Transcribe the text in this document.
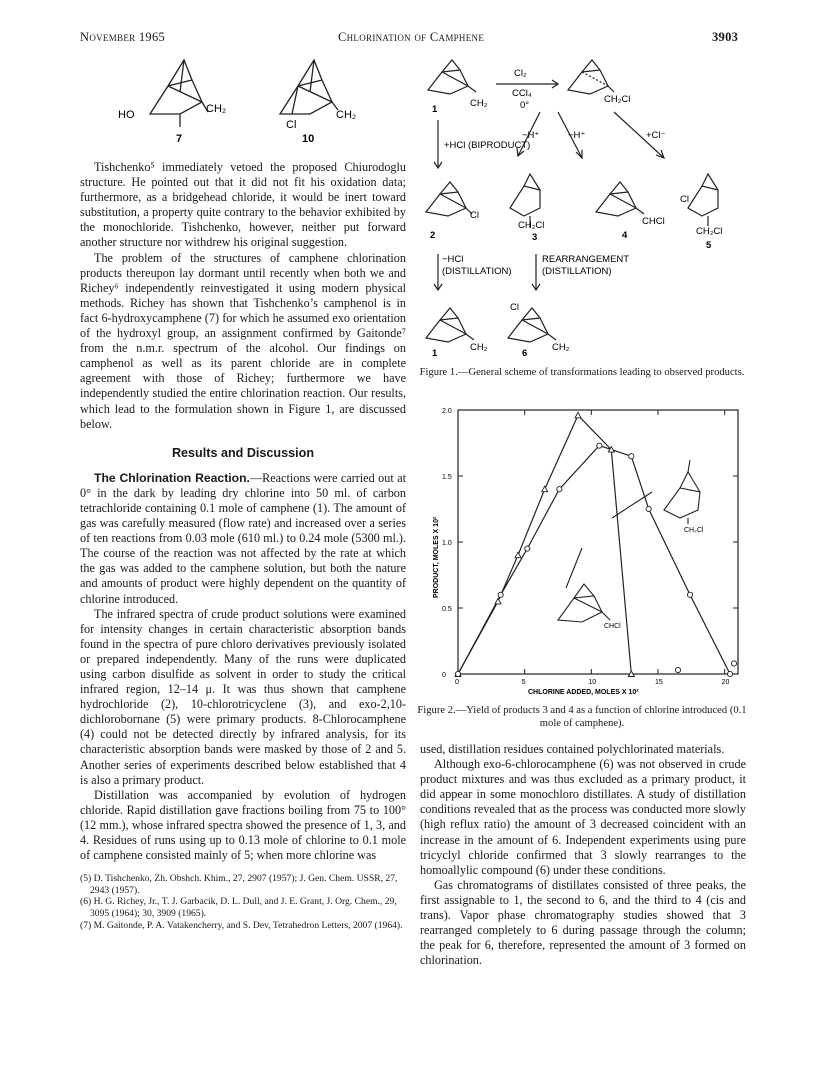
November 1965	Chlorination of Camphene	3903
HO	CH₂
7
Cl
CH₂
10

Tishchenko⁵ immediately vetoed the proposed Chiurodoglu structure. He pointed out that it did not fit his oxidation data; furthermore, as a bridgehead chloride, it would be inert toward substitution, a property quite contrary to the behavior exhibited by the monochloride. Tishchenko, however, neither put forward another structure nor withdrew his original suggestion.

The problem of the structures of camphene chlorination products thereupon lay dormant until recently when both we and Richey⁶ independently reinvestigated it using modern physical methods. Richey has shown that Tishchenko’s camphenol is in fact 6-hydroxycamphene (7) for which he assumed exo orientation of the hydroxyl group, an assignment confirmed by Gaitonde⁷ from the n.m.r. spectrum of the alcohol. Our findings on camphenol as well as its parent chloride are in complete agreement with those of Richey; furthermore we have independently studied the entire chlorination reaction. Our results, which lead to the formulation shown in Figure 1, are discussed below.

Results and Discussion

The Chlorination Reaction.—Reactions were carried out at 0° in the dark by leading dry chlorine into 50 ml. of carbon tetrachloride containing 0.1 mole of camphene (1). The amount of gas was carefully measured (flow rate) and increased over a series of ten reactions from 0.03 mole (610 ml.) to 0.24 mole (5300 ml.). The course of the reaction was not affected by the rate at which the gas was added to the camphene solution, but both the nature and amounts of product were highly dependent on the quantity of chlorine introduced.

The infrared spectra of crude product solutions were examined for intensity changes in certain characteristic absorption bands found in the spectra of pure chloro derivatives previously isolated or prepared independently. Many of the runs were duplicated using carbon disulfide as solvent in order to study the critical infrared region, 12–14 μ. It was thus shown that camphene hydrochloride (2), 10-chlorotricyclene (3), and exo-2,10-dichlorobornane (5) were primary products. 8-Chlorocamphene (4) could not be detected directly by infrared analysis, for its characteristic absorption bands were masked by those of 2 and 5. Another series of experiments described below established that 4 is also a primary product.

Distillation was accompanied by evolution of hydrogen chloride. Rapid distillation gave fractions boiling from 75 to 100° (12 mm.), whose infrared spectra showed the presence of 1, 3, and 4. Residues of runs using up to 0.13 mole of chlorine to 0.1 mole of camphene consisted mainly of 5; when more chlorine was

(5) D. Tishchenko, Zh. Obshch. Khim., 27, 2907 (1957); J. Gen. Chem. USSR, 27, 2943 (1957).
(6) H. G. Richey, Jr., T. J. Garbacik, D. L. Dull, and J. E. Grant, J. Org. Chem., 29, 3095 (1964); 30, 3909 (1965).
(7) M. Gaitonde, P. A. Vatakencherry, and S. Dev, Tetrahedron Letters, 2007 (1964).
Cl₂
CCl₄
0°
CH₂	CH₂Cl
1
+HCl (BIPRODUCT)
−H⁺	−H⁺	+Cl⁻
Cl
CH₂Cl	CHCl
Cl
CH₂Cl
2	3	4
5
−HCl
(DISTILLATION)
REARRANGEMENT
(DISTILLATION)
CH₂
Cl
CH₂
1	6
Figure 1.—General scheme of transformations leading to observed products.
0	5	10	15	20
0
0.5
1.0
1.5
2.0
CH₂Cl
CHCl
PRODUCT, MOLES X 10²
CHLORINE ADDED, MOLES X 10²
Figure 2.—Yield of products 3 and 4 as a function of chlorine introduced (0.1 mole of camphene).

used, distillation residues contained polychlorinated materials.

Although exo-6-chlorocamphene (6) was not observed in crude product mixtures and was thus excluded as a primary product, it did appear in some monochloro distillates. A study of distillation conditions revealed that as the process was conducted more slowly (high reflux ratio) the amount of 3 decreased coincident with an increase in the amount of 6. Independent experiments using pure tricyclyl chloride confirmed that 3 slowly rearranges to the homoallylic compound (6) under these conditions.

Gas chromatograms of distillates consisted of three peaks, the first assignable to 1, the second to 6, and the third to 4 (cis and trans). Vapor phase chromatography studies showed that 3 rearranged completely to 6 during passage through the column; the peak for 6, therefore, represented the amount of 3 formed on chlorination.
